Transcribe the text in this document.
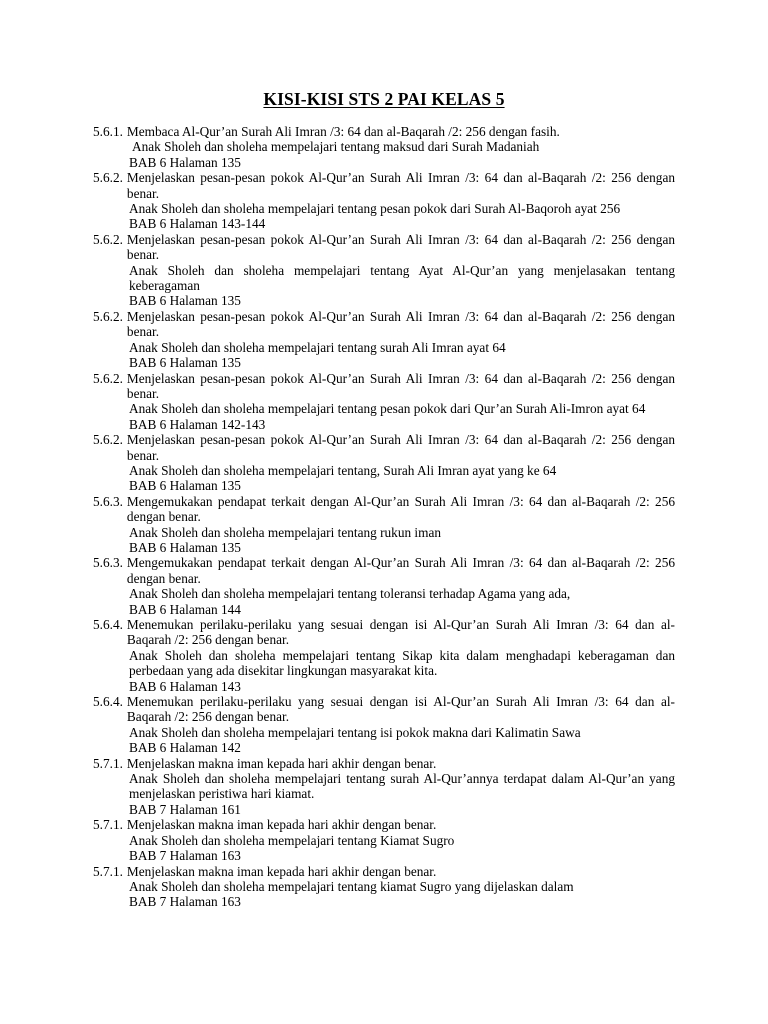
KISI-KISI STS 2 PAI KELAS 5
5.6.1. Membaca Al-Qur’an Surah Ali Imran /3: 64 dan al-Baqarah /2: 256 dengan fasih.
Anak Sholeh dan sholeha mempelajari tentang maksud dari Surah Madaniah
BAB 6 Halaman 135
5.6.2. Menjelaskan pesan-pesan pokok Al-Qur’an Surah Ali Imran /3: 64 dan al-Baqarah /2: 256 dengan benar.
Anak Sholeh dan sholeha mempelajari tentang pesan pokok dari Surah Al-Baqoroh ayat 256
BAB 6 Halaman 143-144
5.6.2. Menjelaskan pesan-pesan pokok Al-Qur’an Surah Ali Imran /3: 64 dan al-Baqarah /2: 256 dengan benar.
Anak Sholeh dan sholeha mempelajari tentang Ayat Al-Qur’an yang menjelasakan tentang keberagaman
BAB 6 Halaman 135
5.6.2. Menjelaskan pesan-pesan pokok Al-Qur’an Surah Ali Imran /3: 64 dan al-Baqarah /2: 256 dengan benar.
Anak Sholeh dan sholeha mempelajari tentang surah Ali Imran ayat 64
BAB 6 Halaman 135
5.6.2. Menjelaskan pesan-pesan pokok Al-Qur’an Surah Ali Imran /3: 64 dan al-Baqarah /2: 256 dengan benar.
Anak Sholeh dan sholeha mempelajari tentang pesan pokok dari Qur’an Surah Ali-Imron ayat 64
BAB 6 Halaman 142-143
5.6.2. Menjelaskan pesan-pesan pokok Al-Qur’an Surah Ali Imran /3: 64 dan al-Baqarah /2: 256 dengan benar.
Anak Sholeh dan sholeha mempelajari tentang, Surah Ali Imran ayat yang ke 64
BAB 6 Halaman 135
5.6.3. Mengemukakan pendapat terkait dengan Al-Qur’an Surah Ali Imran /3: 64 dan al-Baqarah /2: 256 dengan benar.
Anak Sholeh dan sholeha mempelajari tentang rukun iman
BAB 6 Halaman 135
5.6.3. Mengemukakan pendapat terkait dengan Al-Qur’an Surah Ali Imran /3: 64 dan al-Baqarah /2: 256 dengan benar.
Anak Sholeh dan sholeha mempelajari tentang toleransi terhadap Agama yang ada,
BAB 6 Halaman 144
5.6.4. Menemukan perilaku-perilaku yang sesuai dengan isi Al-Qur’an Surah Ali Imran /3: 64 dan al-Baqarah /2: 256 dengan benar.
Anak Sholeh dan sholeha mempelajari tentang Sikap kita dalam menghadapi keberagaman dan perbedaan yang ada disekitar lingkungan masyarakat kita.
BAB 6 Halaman 143
5.6.4. Menemukan perilaku-perilaku yang sesuai dengan isi Al-Qur’an Surah Ali Imran /3: 64 dan al-Baqarah /2: 256 dengan benar.
Anak Sholeh dan sholeha mempelajari tentang isi pokok makna dari Kalimatin Sawa
BAB 6 Halaman 142
5.7.1. Menjelaskan makna iman kepada hari akhir dengan benar.
Anak Sholeh dan sholeha mempelajari tentang surah Al-Qur’annya terdapat dalam Al-Qur’an yang menjelaskan peristiwa hari kiamat.
BAB 7 Halaman 161
5.7.1. Menjelaskan makna iman kepada hari akhir dengan benar.
Anak Sholeh dan sholeha mempelajari tentang Kiamat Sugro
BAB 7 Halaman 163
5.7.1. Menjelaskan makna iman kepada hari akhir dengan benar.
Anak Sholeh dan sholeha mempelajari tentang kiamat Sugro yang dijelaskan dalam
BAB 7 Halaman 163
